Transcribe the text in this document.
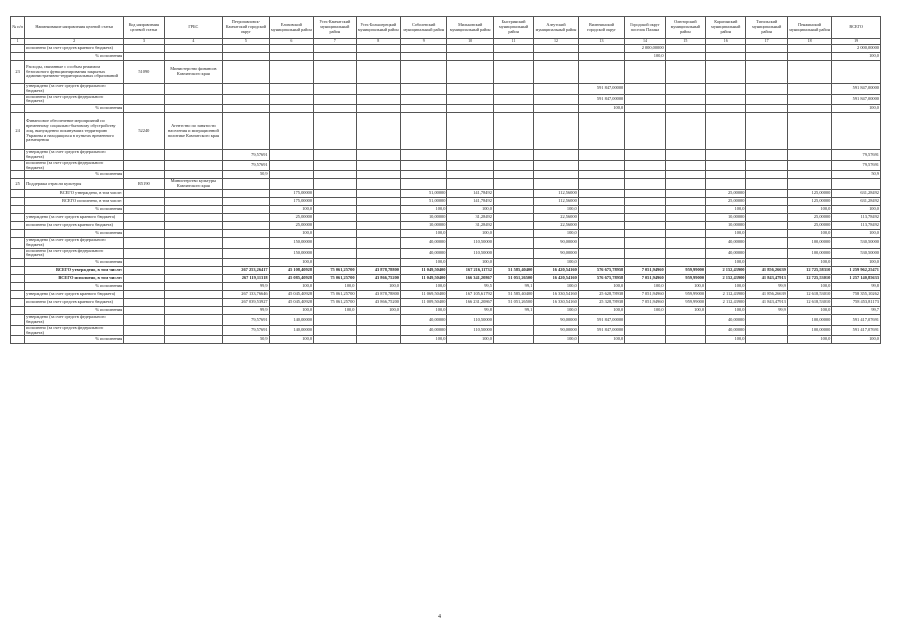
№ п/п	Наименование направления целевой статьи	Код направления целевой статьи	ГРБС	Петропавловск-Камчатский городской округ	Елизовский муниципальный район	Усть-Камчатский муниципальный район	Усть-Большерецкий муниципальный район	Соболевский муниципальный район	Мильковский муниципальный район	Быстринский муниципальный район	Алеутский муниципальный район	Вилючинский городской округ	Городской округ поселок Палана	Олюторский муниципальный район	Карагинский муниципальный район	Тигильский муниципальный район	Пенжинский муниципальный район	ВСЕГО
1	2	3	4	5	6	7	8	9	10	11	12	13	14	15	16	17	18	19
	исполнено (за счет средств краевого бюджета)												2 000,00000					2 000,00000
	% исполнения												100,0					100,0
23	Расходы, связанные с особым режимом безопасного функционирования закрытых административно-территориальных образований	51090	Министерство финансов Камчатского края															
	утверждено (за счет средств федерального бюджета)											591 847,00000						591 847,00000
	исполнено (за счет средств федерального бюджета)											591 847,00000						591 847,00000
	% исполнения											100,0						100,0
24	Финансовое обеспечение мероприятий по временному социально-бытовому обустройству лиц, вынужденно покинувших территорию Украины и находящихся в пунктах временного размещения	52240	Агентство по занятости населения и миграционной политике Камчатского края															
	утверждено (за счет средств федерального бюджета)			79,57691														79,57691
	исполнено (за счет средств федерального бюджета)			79,57691														79,57691
	% исполнения			50,9														50,9
25	Поддержка отрасли культуры	R5190	Министерство культуры Камчатского края															
	ВСЕГО утверждено, в том числе:				175,00000			51,00000	141,78492		112,56000				25,00000		125,00000	631,28492
	ВСЕГО исполнено, в том числе:				175,00000			51,00000	141,78492		112,56000				25,00000		125,00000	631,28492
	% исполнения				100,0			100,0	100,0		100,0				100,0		100,0	100,0
	утверждено (за счет средств краевого бюджета)				25,00000			10,00000	31,28492		22,56000				10,00000		25,00000	113,78492
	исполнено (за счет средств краевого бюджета)				25,00000			10,00000	31,28492		22,56000				10,00000		25,00000	113,78492
	% исполнения				100,0			100,0	100,0		100,0				100,0		100,0	100,0
	утверждено (за счет средств федерального бюджета)				150,00000			40,00000	110,50000		90,00000				40,00000		100,00000	530,50000
	исполнено (за счет средств федерального бюджета)				150,00000			40,00000	110,50000		90,00000				40,00000		100,00000	530,50000
	% исполнения				100,0			100,0	100,0		100,0				100,0		100,0	100,0
	ВСЕГО утверждено, в том числе:			267 253,26417	45 108,40928	75 061,25700	43 878,78800	11 049,50400	167 216,11732	51 585,40400	16 420,54160	576 675,78958	7 051,94960	959,99000	2 152,43900	41 856,26639	12 725,58310	1 259 962,25471
	ВСЕГО исполнено, в том числе:			267 119,11318	45 085,40928	75 061,25700	43 866,75200	11 049,50400	166 341,20867	51 051,26500	16 420,54160	576 675,78958	7 051,94960	959,99000	2 152,43900	41 843,47913	12 725,53010	1 257 140,85633
	% исполнения			99,9	100,0	100,0	100,0	100,0	99,5	99,1	100,0	100,0	100,0	100,0	100,0	99,9	100,0	99,8
	утверждено (за счет средств краевого бюджета)			267 133,76646	45 045,40928	75 061,25700	43 878,78800	11 069,50400	167 105,61792	51 585,40400	16 330,54160	25 628,78938	7 051,94960	959,99000	2 112,43900	41 856,26639	12 618,53010	758 355,10262
	исполнено (за счет средств краевого бюджета)			267 039,53927	45 045,40928	75 061,25700	43 866,75200	11 009,50400	166 231,20867	51 051,26500	16 330,54160	25 328,78938	7 051,94960	959,99000	2 112,43900	41 843,47913	12 618,53010	758 453,81173
	% исполнения			99,9	100,0	100,0	100,0	100,0	99,8	99,1	100,0	100,0	100,0	100,0	100,0	99,9	100,0	99,7
	утверждено (за счет средств федерального бюджета)			79,57691	140,00000			40,00000	110,50000		90,00000	591 847,00000			40,00000		100,00000	591 417,07691
	исполнено (за счет средств федерального бюджета)			79,57691	140,00000			40,00000	110,50000		90,00000	591 847,00000			40,00000		100,00000	591 417,07691
	% исполнения			50,9	100,0			100,0	100,0		100,0	100,0			100,0		100,0	100,0
4
